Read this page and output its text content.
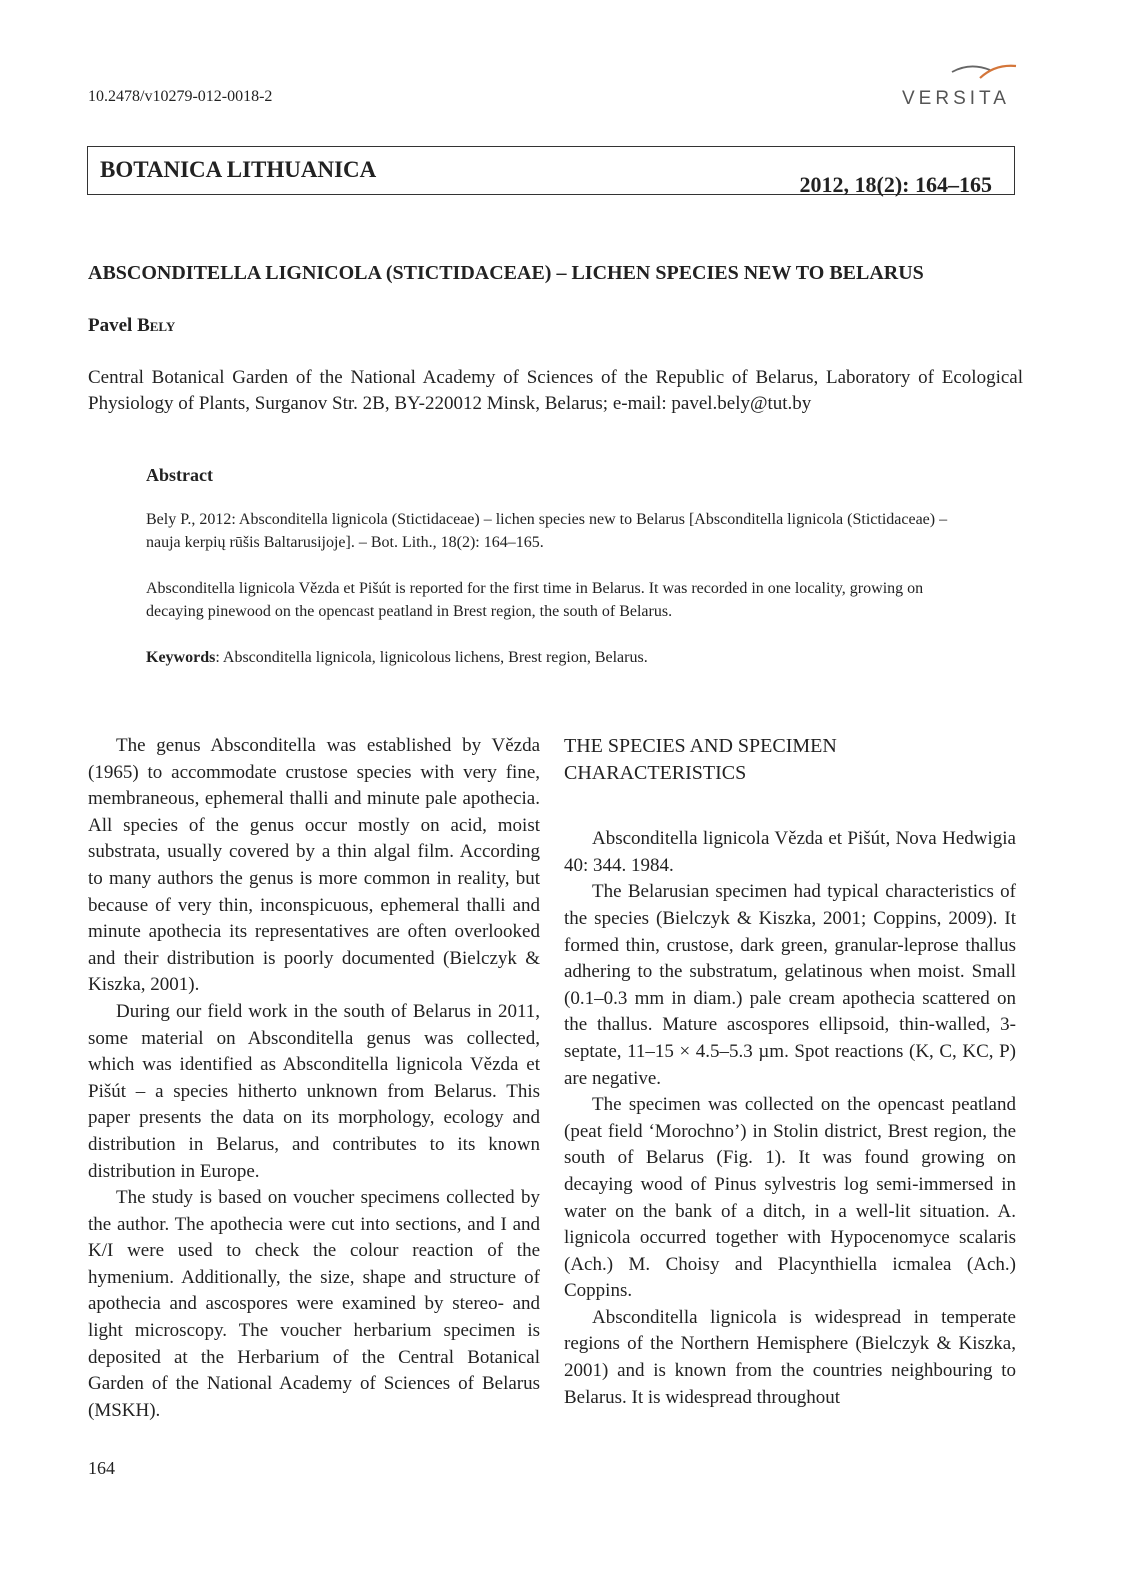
10.2478/v10279-012-0018-2	VERSITA
BOTANICA LITHUANICA
2012, 18(2): 164–165
ABSCONDITELLA LIGNICOLA (STICTIDACEAE) – LICHEN SPECIES NEW TO BELARUS
Pavel Bely
Central Botanical Garden of the National Academy of Sciences of the Republic of Belarus, Laboratory of Ecological Physiology of Plants, Surganov Str. 2B, BY-220012 Minsk, Belarus; e-mail: pavel.bely@tut.by
Abstract
Bely P., 2012: Absconditella lignicola (Stictidaceae) – lichen species new to Belarus [Absconditella lignicola (Stictidaceae) – nauja kerpių rūšis Baltarusijoje]. – Bot. Lith., 18(2): 164–165.
Absconditella lignicola Vězda et Pišút is reported for the first time in Belarus. It was recorded in one locality, growing on decaying pinewood on the opencast peatland in Brest region, the south of Belarus.
Keywords: Absconditella lignicola, lignicolous lichens, Brest region, Belarus.

The genus Absconditella was established by Vězda (1965) to accommodate crustose species with very fine, membraneous, ephemeral thalli and minute pale apothecia. All species of the genus occur mostly on acid, moist substrata, usually covered by a thin algal film. According to many authors the genus is more common in reality, but because of very thin, inconspicuous, ephemeral thalli and minute apothecia its representatives are often overlooked and their distribution is poorly documented (Bielczyk & Kiszka, 2001).

During our field work in the south of Belarus in 2011, some material on Absconditella genus was collected, which was identified as Absconditella lignicola Vězda et Pišút – a species hitherto unknown from Belarus. This paper presents the data on its morphology, ecology and distribution in Belarus, and contributes to its known distribution in Europe.

The study is based on voucher specimens collected by the author. The apothecia were cut into sections, and I and K/I were used to check the colour reaction of the hymenium. Additionally, the size, shape and structure of apothecia and ascospores were examined by stereo- and light microscopy. The voucher herbarium specimen is deposited at the Herbarium of the Central Botanical Garden of the National Academy of Sciences of Belarus (MSKH).

THE SPECIES AND SPECIMEN CHARACTERISTICS

Absconditella lignicola Vězda et Pišút, Nova Hedwigia 40: 344. 1984.

The Belarusian specimen had typical characteristics of the species (Bielczyk & Kiszka, 2001; Coppins, 2009). It formed thin, crustose, dark green, granular-leprose thallus adhering to the substratum, gelatinous when moist. Small (0.1–0.3 mm in diam.) pale cream apothecia scattered on the thallus. Mature ascospores ellipsoid, thin-walled, 3-septate, 11–15 × 4.5–5.3 µm. Spot reactions (K, C, KC, P) are negative.

The specimen was collected on the opencast peatland (peat field ‘Morochno’) in Stolin district, Brest region, the south of Belarus (Fig. 1). It was found growing on decaying wood of Pinus sylvestris log semi-immersed in water on the bank of a ditch, in a well-lit situation. A. lignicola occurred together with Hypocenomyce scalaris (Ach.) M. Choisy and Placynthiella icmalea (Ach.) Coppins.

Absconditella lignicola is widespread in temperate regions of the Northern Hemisphere (Bielczyk & Kiszka, 2001) and is known from the countries neighbouring to Belarus. It is widespread throughout

164
